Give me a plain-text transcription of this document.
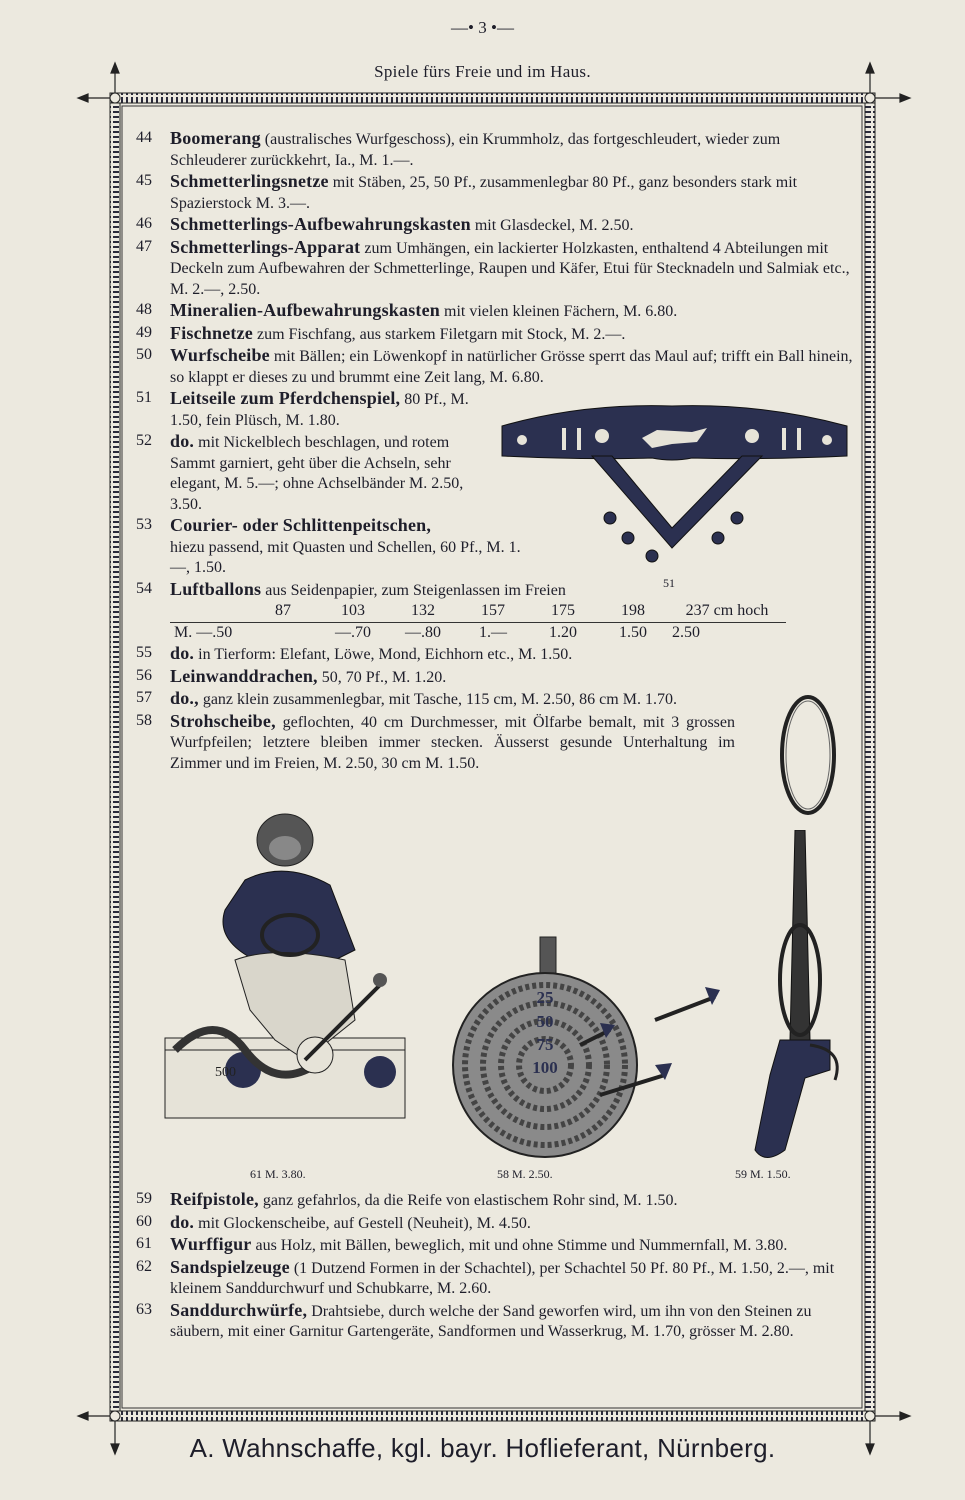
—• 3 •—
Spiele fürs Freie und im Haus.
44 Boomerang (australisches Wurfgeschoss), ein Krummholz, das fortgeschleudert, wieder zum Schleuderer zurückkehrt, Ia., M. 1.—.
45 Schmetterlingsnetze mit Stäben, 25, 50 Pf., zusammenlegbar 80 Pf., ganz besonders stark mit Spazierstock M. 3.—.
46 Schmetterlings-Aufbewahrungskasten mit Glasdeckel, M. 2.50.
47 Schmetterlings-Apparat zum Umhängen, ein lackierter Holzkasten, enthaltend 4 Abteilungen mit Deckeln zum Aufbewahren der Schmetterlinge, Raupen und Käfer, Etui für Stecknadeln und Salmiak etc., M. 2.—, 2.50.
48 Mineralien-Aufbewahrungskasten mit vielen kleinen Fächern, M. 6.80.
49 Fischnetze zum Fischfang, aus starkem Filetgarn mit Stock, M. 2.—.
50 Wurfscheibe mit Bällen; ein Löwenkopf in natürlicher Grösse sperrt das Maul auf; trifft ein Ball hinein, so klappt er dieses zu und brummt eine Zeit lang, M. 6.80.
51 Leitseile zum Pferdchenspiel, 80 Pf., M. 1.50, fein Plüsch, M. 1.80.
52 do. mit Nickelblech beschlagen, und rotem Sammt garniert, geht über die Achseln, sehr elegant, M. 5.—; ohne Achselbänder M. 2.50, 3.50.
53 Courier- oder Schlittenpeitschen,
hiezu passend, mit Quasten und Schellen, 60 Pf., M. 1.—, 1.50.
54 Luftballons aus Seidenpapier, zum Steigenlassen im Freien
	87	103	132	157	175	198	237 cm hoch
M. —.50		—.70	—.80	1.—	1.20	1.50	2.50
55 do. in Tierform: Elefant, Löwe, Mond, Eichhorn etc., M. 1.50.
56 Leinwanddrachen, 50, 70 Pf., M. 1.20.
57 do., ganz klein zusammenlegbar, mit Tasche, 115 cm, M. 2.50, 86 cm M. 1.70.
58 Strohscheibe, geflochten, 40 cm Durchmesser, mit Ölfarbe bemalt, mit 3 grossen Wurfpfeilen; letztere bleiben immer stecken. Äusserst gesunde Unterhaltung im Zimmer und im Freien, M. 2.50, 30 cm M. 1.50.
500
25
50
75
100
61 M. 3.80.	58 M. 2.50.	59 M. 1.50.
51
59 Reifpistole, ganz gefahrlos, da die Reife von elastischem Rohr sind, M. 1.50.
60 do. mit Glockenscheibe, auf Gestell (Neuheit), M. 4.50.
61 Wurffigur aus Holz, mit Bällen, beweglich, mit und ohne Stimme und Nummernfall, M. 3.80.
62 Sandspielzeuge (1 Dutzend Formen in der Schachtel), per Schachtel 50 Pf. 80 Pf., M. 1.50, 2.—, mit kleinem Sanddurchwurf und Schubkarre, M. 2.60.
63 Sanddurchwürfe, Drahtsiebe, durch welche der Sand geworfen wird, um ihn von den Steinen zu säubern, mit einer Garnitur Gartengeräte, Sandformen und Wasserkrug, M. 1.70, grösser M. 2.80.
A. Wahnschaffe, kgl. bayr. Hoflieferant, Nürnberg.
